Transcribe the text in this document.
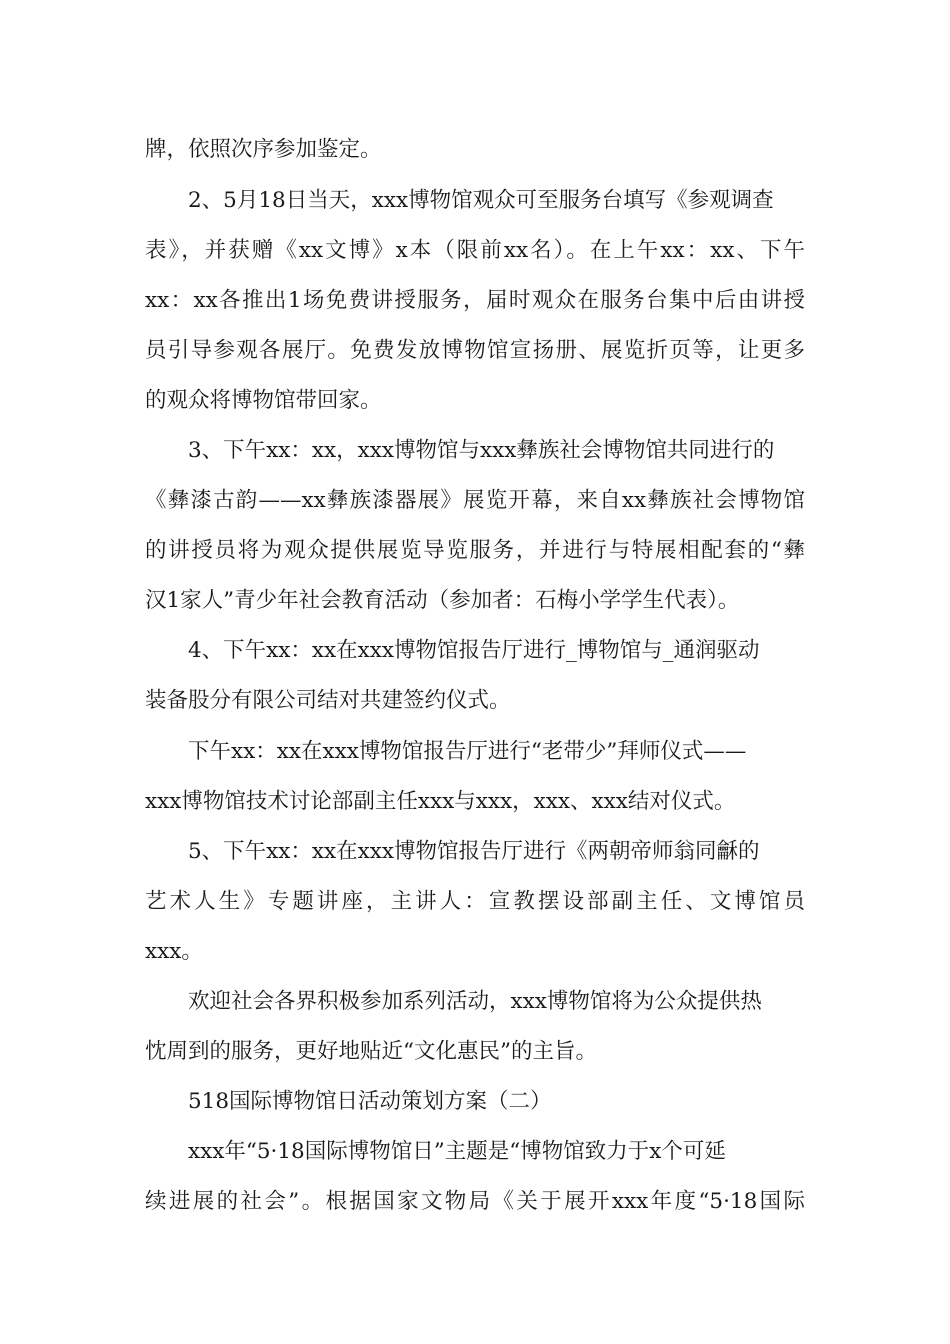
牌，依照次序参加鉴定。
2、5月18日当天，xxx博物馆观众可至服务台填写《参观调查
表》，并获赠《xx文博》x本（限前xx名）。在上午xx：xx、下午
xx：xx各推出1场免费讲授服务，届时观众在服务台集中后由讲授
员引导参观各展厅。免费发放博物馆宣扬册、展览折页等，让更多
的观众将博物馆带回家。
3、下午xx：xx，xxx博物馆与xxx彝族社会博物馆共同进行的
《彝漆古韵——xx彝族漆器展》展览开幕，来自xx彝族社会博物馆
的讲授员将为观众提供展览导览服务，并进行与特展相配套的“彝
汉1家人”青少年社会教育活动（参加者：石梅小学学生代表）。
4、下午xx：xx在xxx博物馆报告厅进行_博物馆与_通润驱动
装备股分有限公司结对共建签约仪式。
下午xx：xx在xxx博物馆报告厅进行“老带少”拜师仪式——
xxx博物馆技术讨论部副主任xxx与xxx，xxx、xxx结对仪式。
5、下午xx：xx在xxx博物馆报告厅进行《两朝帝师翁同龢的
艺术人生》专题讲座，主讲人：宣教摆设部副主任、文博馆员
xxx。
欢迎社会各界积极参加系列活动，xxx博物馆将为公众提供热
忱周到的服务，更好地贴近“文化惠民”的主旨。
518国际博物馆日活动策划方案（二）
xxx年“5·18国际博物馆日”主题是“博物馆致力于x个可延
续进展的社会”。根据国家文物局《关于展开xxx年度“5·18国际
